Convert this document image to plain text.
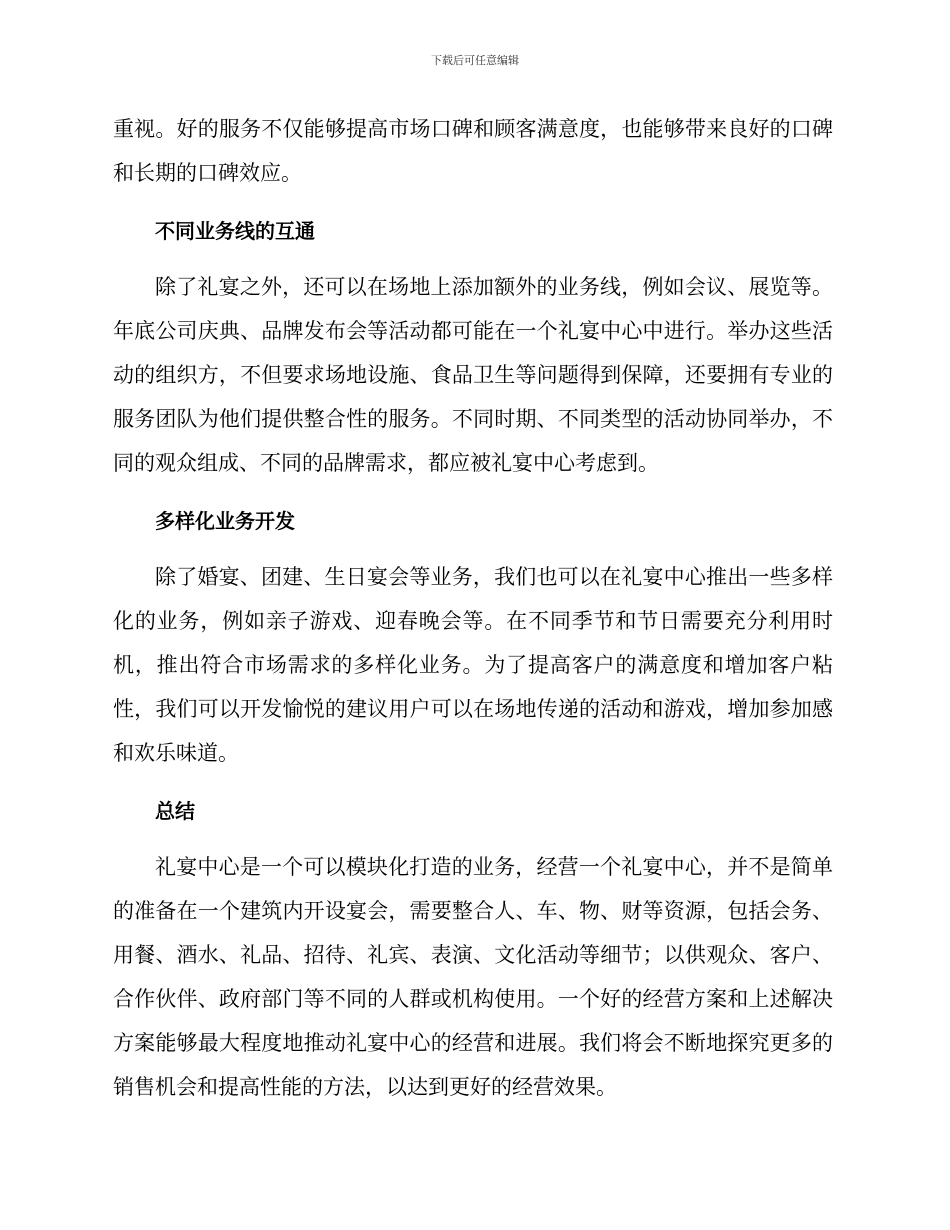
下载后可任意编辑

重视。好的服务不仅能够提高市场口碑和顾客满意度，也能够带来良好的口碑和长期的口碑效应。

不同业务线的互通

除了礼宴之外，还可以在场地上添加额外的业务线，例如会议、展览等。年底公司庆典、品牌发布会等活动都可能在一个礼宴中心中进行。举办这些活动的组织方，不但要求场地设施、食品卫生等问题得到保障，还要拥有专业的服务团队为他们提供整合性的服务。不同时期、不同类型的活动协同举办，不同的观众组成、不同的品牌需求，都应被礼宴中心考虑到。

多样化业务开发

除了婚宴、团建、生日宴会等业务，我们也可以在礼宴中心推出一些多样化的业务，例如亲子游戏、迎春晚会等。在不同季节和节日需要充分利用时机，推出符合市场需求的多样化业务。为了提高客户的满意度和增加客户粘性，我们可以开发愉悦的建议用户可以在场地传递的活动和游戏，增加参加感和欢乐味道。

总结

礼宴中心是一个可以模块化打造的业务，经营一个礼宴中心，并不是简单的准备在一个建筑内开设宴会，需要整合人、车、物、财等资源，包括会务、用餐、酒水、礼品、招待、礼宾、表演、文化活动等细节；以供观众、客户、合作伙伴、政府部门等不同的人群或机构使用。一个好的经营方案和上述解决方案能够最大程度地推动礼宴中心的经营和进展。我们将会不断地探究更多的销售机会和提高性能的方法，以达到更好的经营效果。
